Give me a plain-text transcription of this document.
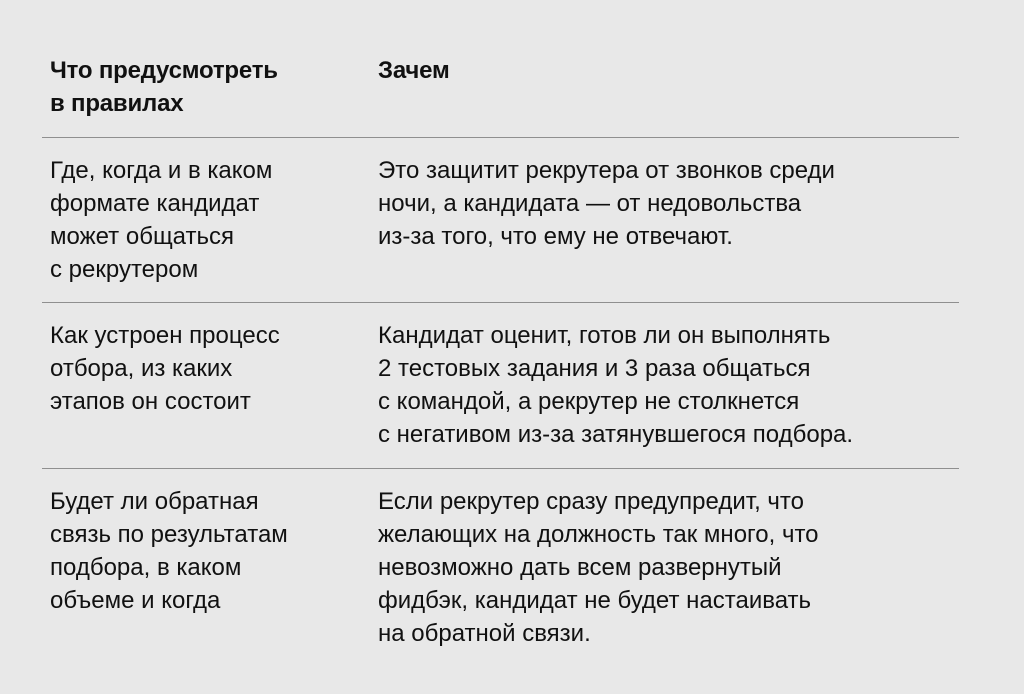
Что предусмотреть
в правилах
Зачем
Где, когда и в каком
формате кандидат
может общаться
с рекрутером
Это защитит рекрутера от звонков среди
ночи, а кандидата — от недовольства
из-за того, что ему не отвечают.
Как устроен процесс
отбора, из каких
этапов он состоит
Кандидат оценит, готов ли он выполнять
2 тестовых задания и 3 раза общаться
с командой, а рекрутер не столкнется
с негативом из-за затянувшегося подбора.
Будет ли обратная
связь по результатам
подбора, в каком
объеме и когда
Если рекрутер сразу предупредит, что
желающих на должность так много, что
невозможно дать всем развернутый
фидбэк, кандидат не будет настаивать
на обратной связи.
